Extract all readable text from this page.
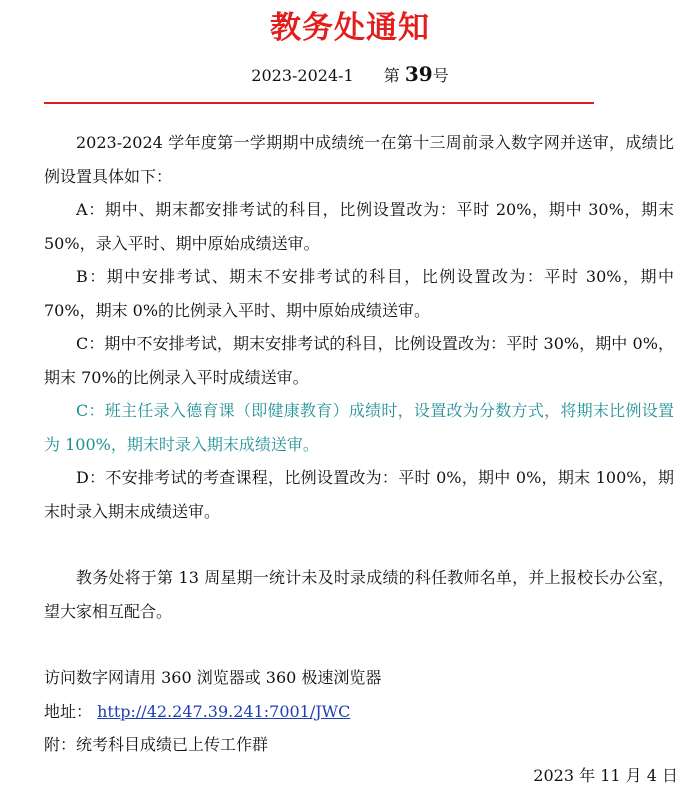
教务处通知
2023-2024-1 第 39号

2023-2024 学年度第一学期期中成绩统一在第十三周前录入数字网并送审，成绩比例设置具体如下：

A：期中、期末都安排考试的科目，比例设置改为：平时 20%，期中 30%，期末 50%，录入平时、期中原始成绩送审。

B：期中安排考试、期末不安排考试的科目，比例设置改为：平时 30%，期中 70%，期末 0%的比例录入平时、期中原始成绩送审。

C：期中不安排考试，期末安排考试的科目，比例设置改为：平时 30%，期中 0%，期末 70%的比例录入平时成绩送审。

C：班主任录入德育课（即健康教育）成绩时，设置改为分数方式，将期末比例设置为 100%，期末时录入期末成绩送审。

D：不安排考试的考查课程，比例设置改为：平时 0%，期中 0%，期末 100%，期末时录入期末成绩送审。

教务处将于第 13 周星期一统计未及时录成绩的科任教师名单，并上报校长办公室，望大家相互配合。

访问数字网请用 360 浏览器或 360 极速浏览器
地址： http://42.247.39.241:7001/JWC
附：统考科目成绩已上传工作群
2023 年 11 月 4 日
